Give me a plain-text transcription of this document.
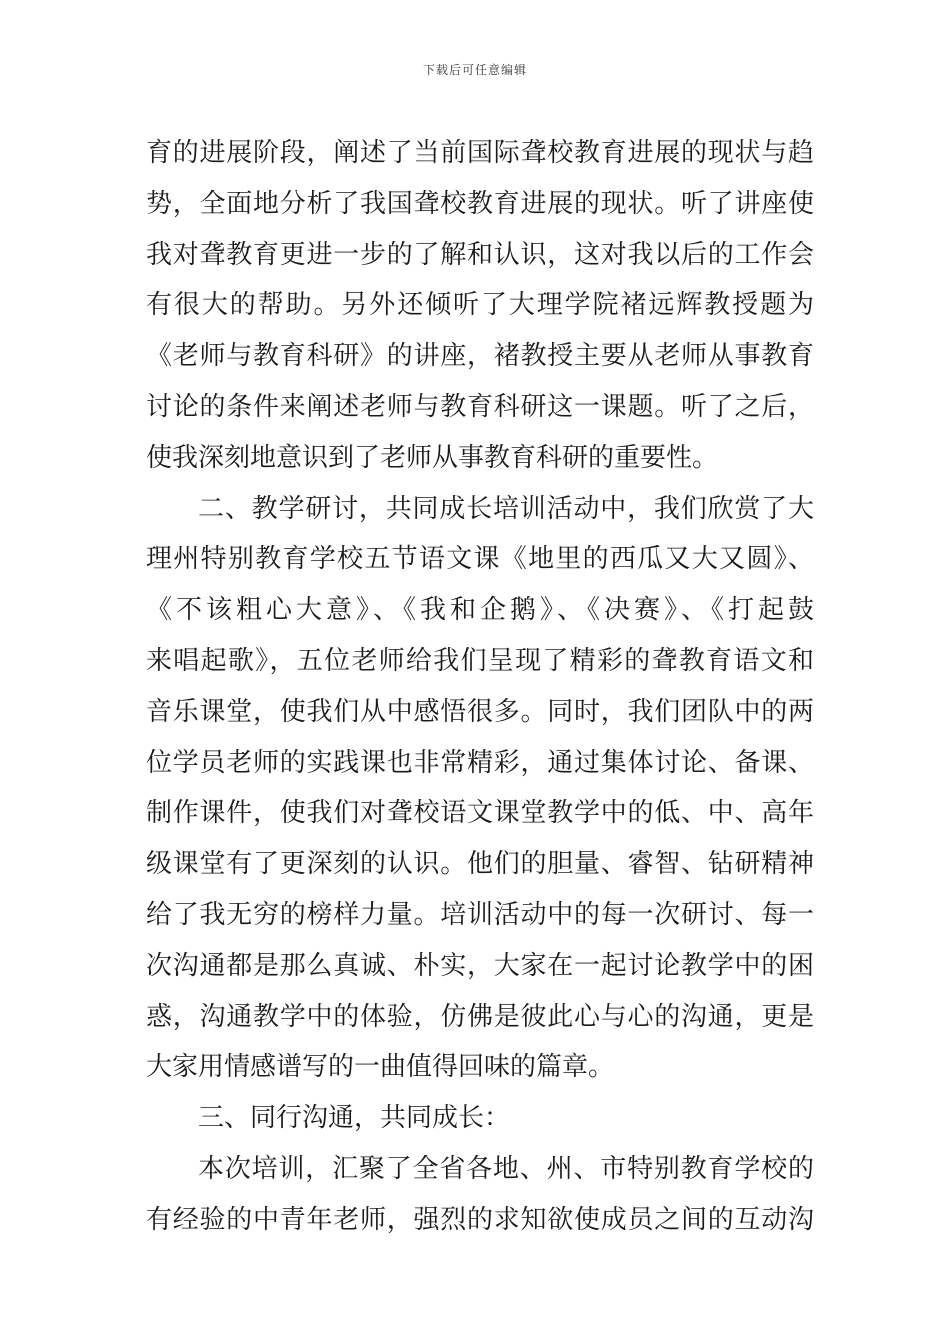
下载后可任意编辑
育的进展阶段，阐述了当前国际聋校教育进展的现状与趋
势，全面地分析了我国聋校教育进展的现状。听了讲座使
我对聋教育更进一步的了解和认识，这对我以后的工作会
有很大的帮助。另外还倾听了大理学院褚远辉教授题为
《老师与教育科研》的讲座，褚教授主要从老师从事教育
讨论的条件来阐述老师与教育科研这一课题。听了之后，
使我深刻地意识到了老师从事教育科研的重要性。
二、教学研讨，共同成长培训活动中，我们欣赏了大
理州特别教育学校五节语文课《地里的西瓜又大又圆》、
《不该粗心大意》、《我和企鹅》、《决赛》、《打起鼓
来唱起歌》，五位老师给我们呈现了精彩的聋教育语文和
音乐课堂，使我们从中感悟很多。同时，我们团队中的两
位学员老师的实践课也非常精彩，通过集体讨论、备课、
制作课件，使我们对聋校语文课堂教学中的低、中、高年
级课堂有了更深刻的认识。他们的胆量、睿智、钻研精神
给了我无穷的榜样力量。培训活动中的每一次研讨、每一
次沟通都是那么真诚、朴实，大家在一起讨论教学中的困
惑，沟通教学中的体验，仿佛是彼此心与心的沟通，更是
大家用情感谱写的一曲值得回味的篇章。
三、同行沟通，共同成长：
本次培训，汇聚了全省各地、州、市特别教育学校的
有经验的中青年老师，强烈的求知欲使成员之间的互动沟
